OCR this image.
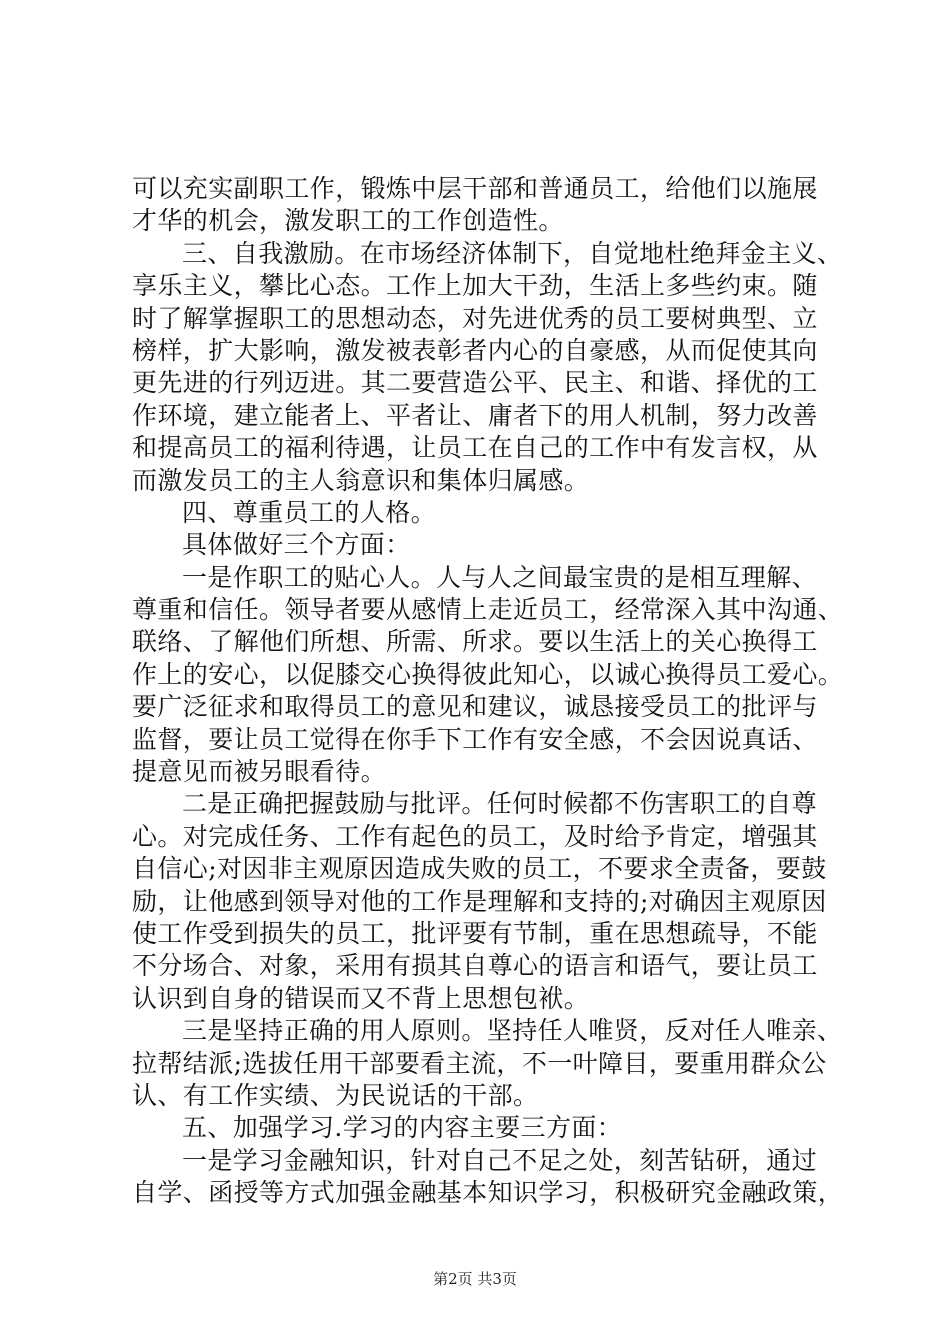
可以充实副职工作，锻炼中层干部和普通员工，给他们以施展
才华的机会，激发职工的工作创造性。
三、自我激励。在市场经济体制下，自觉地杜绝拜金主义、
享乐主义，攀比心态。工作上加大干劲，生活上多些约束。随
时了解掌握职工的思想动态，对先进优秀的员工要树典型、立
榜样，扩大影响，激发被表彰者内心的自豪感，从而促使其向
更先进的行列迈进。其二要营造公平、民主、和谐、择优的工
作环境，建立能者上、平者让、庸者下的用人机制，努力改善
和提高员工的福利待遇，让员工在自己的工作中有发言权，从
而激发员工的主人翁意识和集体归属感。
四、尊重员工的人格。
具体做好三个方面：
一是作职工的贴心人。人与人之间最宝贵的是相互理解、
尊重和信任。领导者要从感情上走近员工，经常深入其中沟通、
联络、了解他们所想、所需、所求。要以生活上的关心换得工
作上的安心，以促膝交心换得彼此知心，以诚心换得员工爱心。
要广泛征求和取得员工的意见和建议，诚恳接受员工的批评与
监督，要让员工觉得在你手下工作有安全感，不会因说真话、
提意见而被另眼看待。
二是正确把握鼓励与批评。任何时候都不伤害职工的自尊
心。对完成任务、工作有起色的员工，及时给予肯定，增强其
自信心;对因非主观原因造成失败的员工，不要求全责备，要鼓
励，让他感到领导对他的工作是理解和支持的;对确因主观原因
使工作受到损失的员工，批评要有节制，重在思想疏导，不能
不分场合、对象，采用有损其自尊心的语言和语气，要让员工
认识到自身的错误而又不背上思想包袱。
三是坚持正确的用人原则。坚持任人唯贤，反对任人唯亲、
拉帮结派;选拔任用干部要看主流，不一叶障目，要重用群众公
认、有工作实绩、为民说话的干部。
五、加强学习.学习的内容主要三方面：
一是学习金融知识，针对自己不足之处，刻苦钻研，通过
自学、函授等方式加强金融基本知识学习，积极研究金融政策，
第2页 共3页
